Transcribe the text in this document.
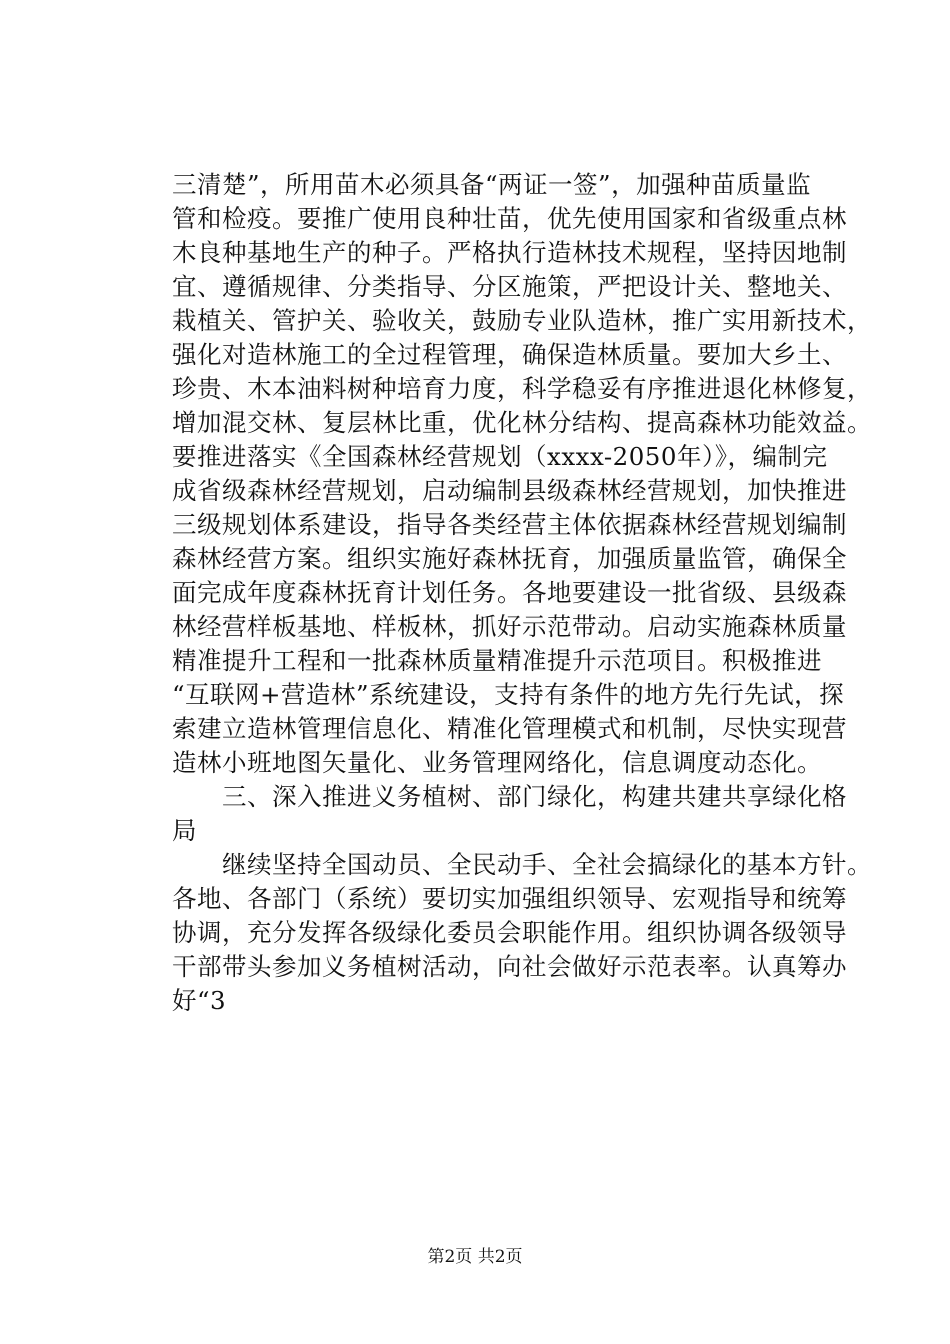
三清楚”，所用苗木必须具备“两证一签”，加强种苗质量监
管和检疫。要推广使用良种壮苗，优先使用国家和省级重点林
木良种基地生产的种子。严格执行造林技术规程，坚持因地制
宜、遵循规律、分类指导、分区施策，严把设计关、整地关、
栽植关、管护关、验收关，鼓励专业队造林，推广实用新技术，
强化对造林施工的全过程管理，确保造林质量。要加大乡土、
珍贵、木本油料树种培育力度，科学稳妥有序推进退化林修复，
增加混交林、复层林比重，优化林分结构、提高森林功能效益。
要推进落实《全国森林经营规划（xxxx-2050年）》，编制完
成省级森林经营规划，启动编制县级森林经营规划，加快推进
三级规划体系建设，指导各类经营主体依据森林经营规划编制
森林经营方案。组织实施好森林抚育，加强质量监管，确保全
面完成年度森林抚育计划任务。各地要建设一批省级、县级森
林经营样板基地、样板林，抓好示范带动。启动实施森林质量
精准提升工程和一批森林质量精准提升示范项目。积极推进
“互联网+营造林”系统建设，支持有条件的地方先行先试，探
索建立造林管理信息化、精准化管理模式和机制，尽快实现营
造林小班地图矢量化、业务管理网络化，信息调度动态化。
　　三、深入推进义务植树、部门绿化，构建共建共享绿化格
局
　　继续坚持全国动员、全民动手、全社会搞绿化的基本方针。
各地、各部门（系统）要切实加强组织领导、宏观指导和统筹
协调，充分发挥各级绿化委员会职能作用。组织协调各级领导
干部带头参加义务植树活动，向社会做好示范表率。认真筹办
好“3
第2页 共2页
